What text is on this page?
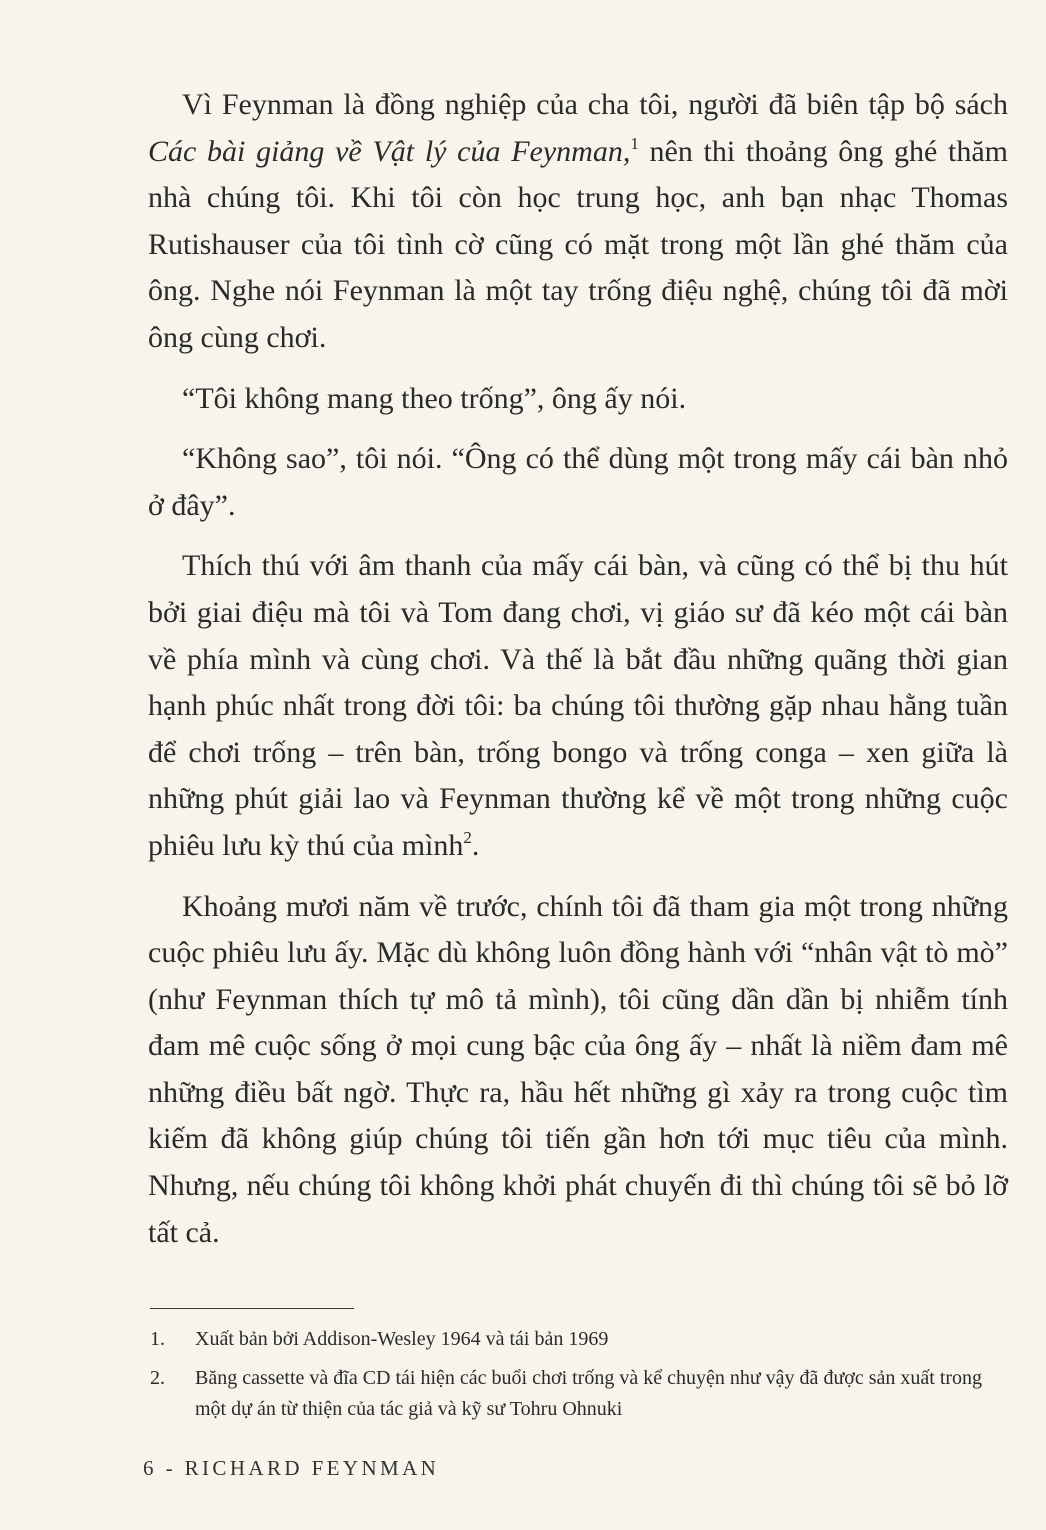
Vì Feynman là đồng nghiệp của cha tôi, người đã biên tập bộ sách Các bài giảng về Vật lý của Feynman,$^1$ nên thi thoảng ông ghé thăm nhà chúng tôi. Khi tôi còn học trung học, anh bạn nhạc Thomas Rutishauser của tôi tình cờ cũng có mặt trong một lần ghé thăm của ông. Nghe nói Feynman là một tay trống điệu nghệ, chúng tôi đã mời ông cùng chơi.

“Tôi không mang theo trống”, ông ấy nói.

“Không sao”, tôi nói. “Ông có thể dùng một trong mấy cái bàn nhỏ ở đây”.

Thích thú với âm thanh của mấy cái bàn, và cũng có thể bị thu hút bởi giai điệu mà tôi và Tom đang chơi, vị giáo sư đã kéo một cái bàn về phía mình và cùng chơi. Và thế là bắt đầu những quãng thời gian hạnh phúc nhất trong đời tôi: ba chúng tôi thường gặp nhau hằng tuần để chơi trống – trên bàn, trống bongo và trống conga – xen giữa là những phút giải lao và Feynman thường kể về một trong những cuộc phiêu lưu kỳ thú của mình$^2$.

Khoảng mươi năm về trước, chính tôi đã tham gia một trong những cuộc phiêu lưu ấy. Mặc dù không luôn đồng hành với “nhân vật tò mò” (như Feynman thích tự mô tả mình), tôi cũng dần dần bị nhiễm tính đam mê cuộc sống ở mọi cung bậc của ông ấy – nhất là niềm đam mê những điều bất ngờ. Thực ra, hầu hết những gì xảy ra trong cuộc tìm kiếm đã không giúp chúng tôi tiến gần hơn tới mục tiêu của mình. Nhưng, nếu chúng tôi không khởi phát chuyến đi thì chúng tôi sẽ bỏ lỡ tất cả.

1.	Xuất bản bởi Addison-Wesley 1964 và tái bản 1969
2.	Băng cassette và đĩa CD tái hiện các buổi chơi trống và kể chuyện như vậy đã được sản xuất trong một dự án từ thiện của tác giả và kỹ sư Tohru Ohnuki
6 - RICHARD FEYNMAN
